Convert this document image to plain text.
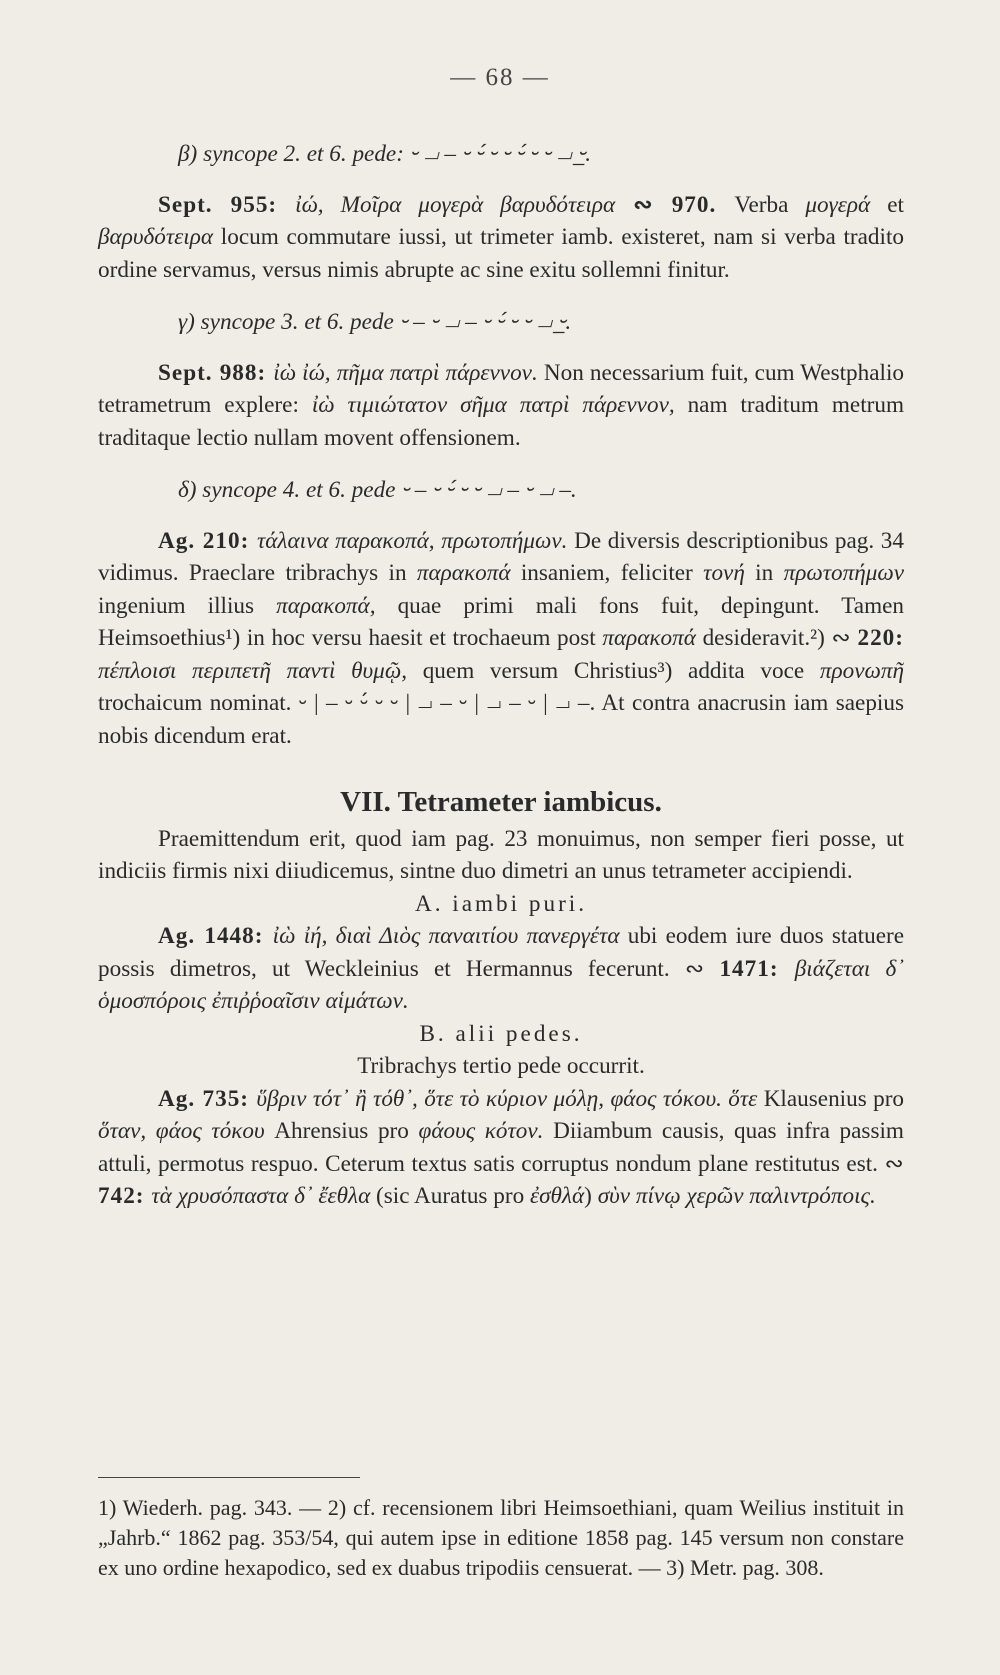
— 68 —

β) syncope 2. et 6. pede: ⏑ ⏗ – ⏑ ⏑́ ⏑ ⏑ ⏑́ ⏑ ⏑ ⏗ ⏑̲.

Sept. 955: ἰώ, Μοῖρα μογερὰ βαρυδότειρα ∾ 970. Verba μογερά et βαρυδότειρα locum commutare iussi, ut trimeter iamb. existeret, nam si verba tradito ordine servamus, versus nimis abrupte ac sine exitu sollemni finitur.

γ) syncope 3. et 6. pede ⏑ – ⏑ ⏗ – ⏑ ⏑́ ⏑ ⏑ ⏗ ⏑̲.

Sept. 988: ἰὼ ἰώ, πῆμα πατρὶ πάρεννον. Non necessarium fuit, cum Westphalio tetrametrum explere: ἰὼ τιμιώτατον σῆμα πατρὶ πάρεννον, nam traditum metrum traditaque lectio nullam movent offensionem.

δ) syncope 4. et 6. pede ⏑ – ⏑ ⏑́ ⏑ ⏑ ⏗ – ⏑ ⏗ –.

Ag. 210: τάλαινα παρακοπά, πρωτοπήμων. De diversis descriptionibus pag. 34 vidimus. Praeclare tribrachys in παρακοπά insaniem, feliciter τονή in πρωτοπήμων ingenium illius παρακοπά, quae primi mali fons fuit, depingunt. Tamen Heimsoethius¹) in hoc versu haesit et trochaeum post παρακοπά desideravit.²) ∾ 220: πέπλοισι περιπετῆ παντὶ θυμῷ, quem versum Christius³) addita voce προνωπῆ trochaicum nominat. ⏑ | – ⏑ ⏑́ ⏑ ⏑ | ⏗ – ⏑ | ⏗ – ⏑ | ⏗ –. At contra anacrusin iam saepius nobis dicendum erat.

VII. Tetrameter iambicus.

Praemittendum erit, quod iam pag. 23 monuimus, non semper fieri posse, ut indiciis firmis nixi diiudicemus, sintne duo dimetri an unus tetrameter accipiendi.

A. iambi puri.

Ag. 1448: ἰὼ ἰή, διαὶ Διὸς παναιτίου πανεργέτα ubi eodem iure duos statuere possis dimetros, ut Weckleinius et Hermannus fecerunt. ∾ 1471: βιάζεται δ᾽ ὁμοσπόροις ἐπιῤῥοαῖσιν αἱμάτων.

B. alii pedes.

Tribrachys tertio pede occurrit.

Ag. 735: ὕβριν τότ᾽ ἢ τόθ᾽, ὅτε τὸ κύριον μόλῃ, φάος τόκου. ὅτε Klausenius pro ὅταν, φάος τόκου Ahrensius pro φάους κότον. Diiambum causis, quas infra passim attuli, permotus respuo. Ceterum textus satis corruptus nondum plane restitutus est. ∾ 742: τὰ χρυσόπαστα δ᾽ ἔεθλα (sic Auratus pro ἐσθλά) σὺν πίνῳ χερῶν παλιντρόποις.

1) Wiederh. pag. 343. — 2) cf. recensionem libri Heimsoethiani, quam Weilius instituit in „Jahrb.“ 1862 pag. 353/54, qui autem ipse in editione 1858 pag. 145 versum non constare ex uno ordine hexapodico, sed ex duabus tripodiis censuerat. — 3) Metr. pag. 308.
